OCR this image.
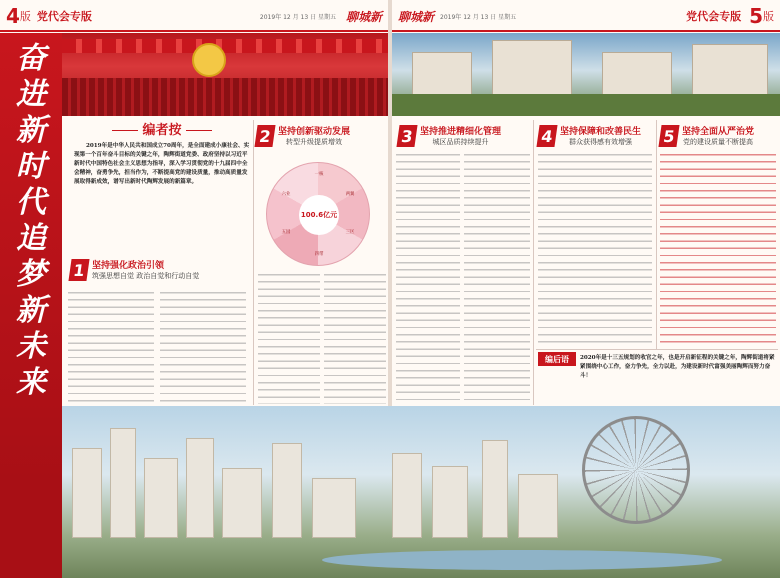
4 版 党代会专版	2019年 12 月 13 日 星期五 聊城新 聊城新 2019年 12 月 13 日 星期五	党代会专版 5 版
奋
进
新
时
代
追
梦
新
未
来
编者按
2019年是中华人民共和国成立70周年，是全面建成小康社会、实现第一个百年奋斗目标的关键之年，陶辉街道党委、政府坚持以习近平新时代中国特色社会主义思想为指导，深入学习贯彻党的十九届四中全会精神，奋勇争先，担当作为，不断提高党的建设质量，推动高质量发展取得新成效，谱写出新时代陶辉发展的新篇章。
1 坚持强化政治引领
筑强思想自觉 政治自觉和行动自觉
2 坚持创新驱动发展
转型升级提质增效
100.6亿元
一核
两翼
三区
四带
五园
六业
3 坚持推进精细化管理
城区品质持续提升	4 坚持保障和改善民生
群众获得感有效增强	5 坚持全面从严治党
党的建设质量不断提高
编后语	2020年是十三五规划的收官之年，也是开启新征程的关键之年，陶辉街道将紧紧围绕中心工作，奋力争先，全力以赴，为建设新时代富强美丽陶辉而努力奋斗！
